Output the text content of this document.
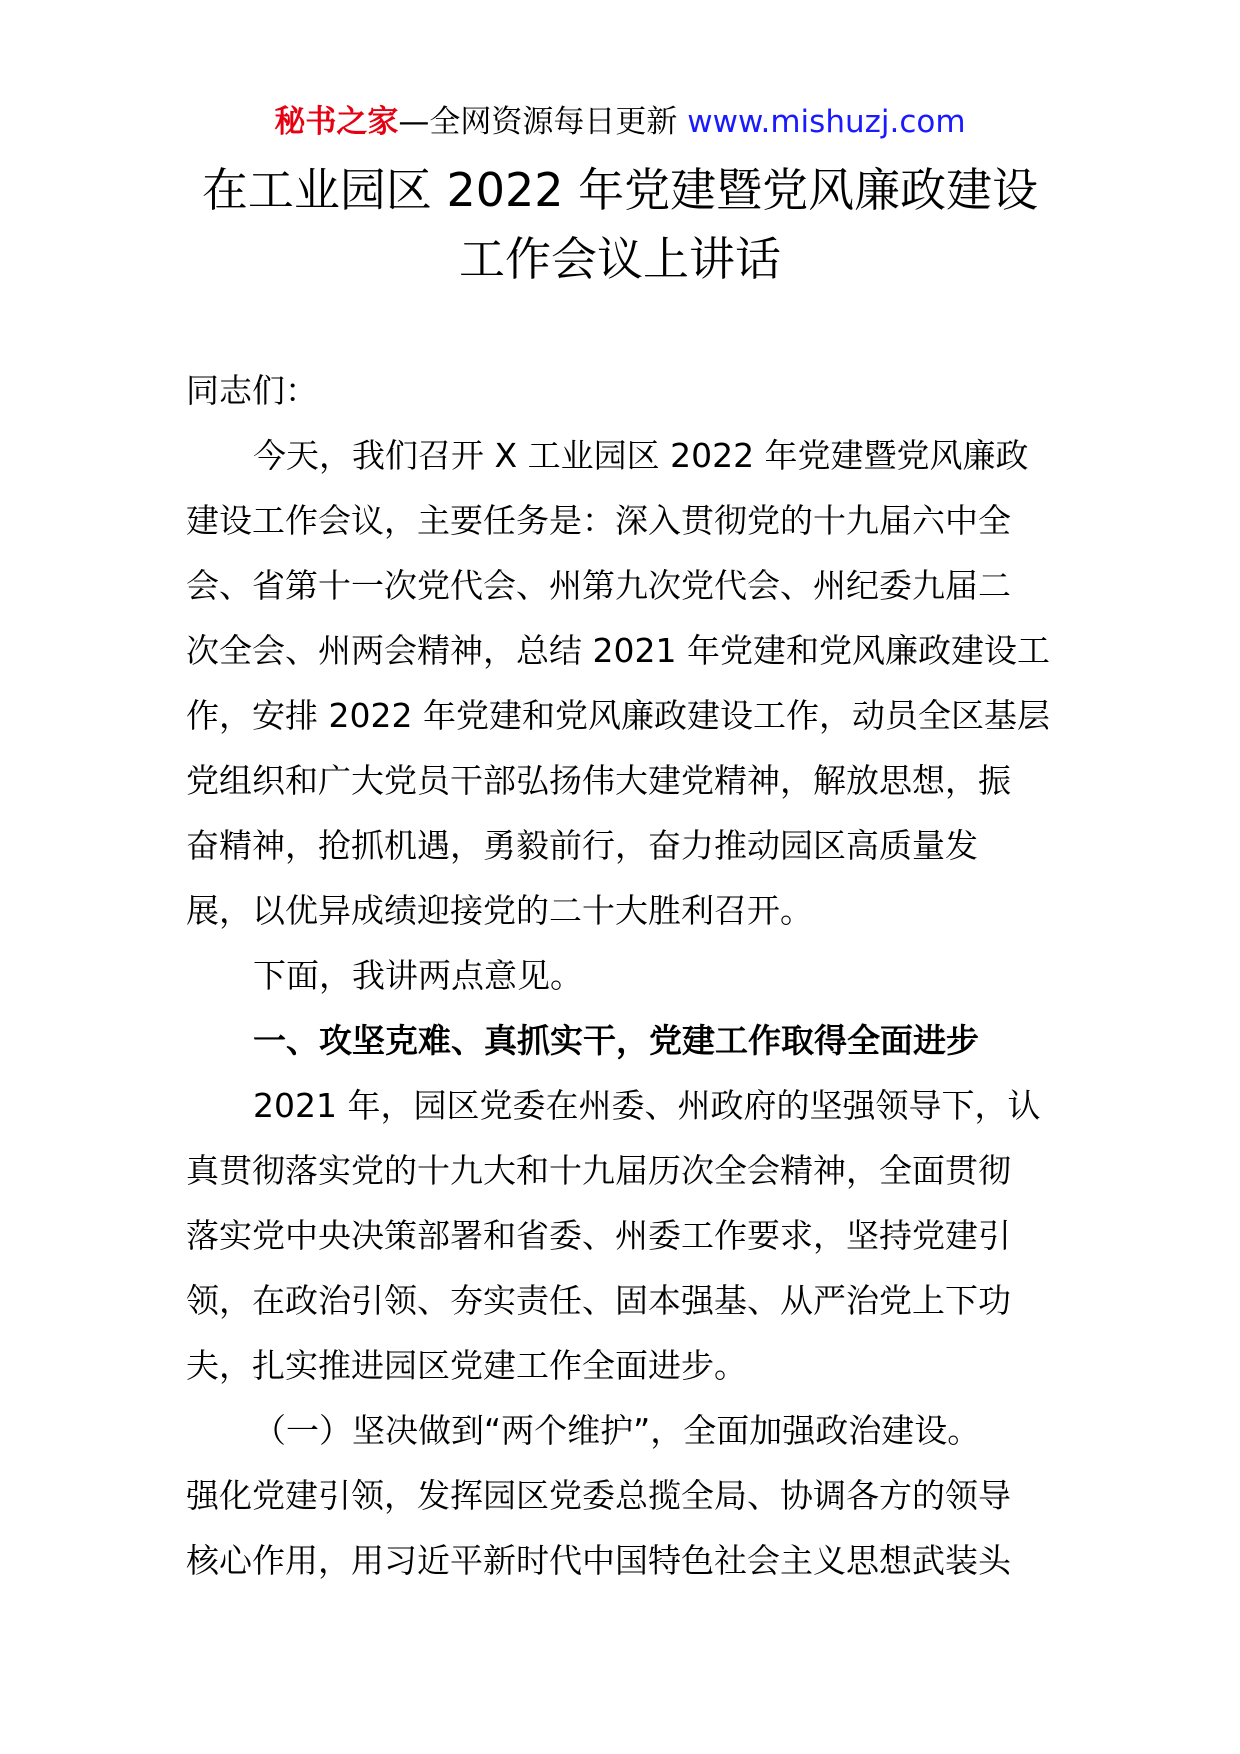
秘书之家—全网资源每日更新 www.mishuzj.com
在工业园区 2022 年党建暨党风廉政建设
工作会议上讲话
同志们：
今天，我们召开 X 工业园区 2022 年党建暨党风廉政
建设工作会议，主要任务是：深入贯彻党的十九届六中全
会、省第十一次党代会、州第九次党代会、州纪委九届二
次全会、州两会精神，总结 2021 年党建和党风廉政建设工
作，安排 2022 年党建和党风廉政建设工作，动员全区基层
党组织和广大党员干部弘扬伟大建党精神，解放思想，振
奋精神，抢抓机遇，勇毅前行，奋力推动园区高质量发
展，以优异成绩迎接党的二十大胜利召开。
下面，我讲两点意见。
一、攻坚克难、真抓实干，党建工作取得全面进步
2021 年，园区党委在州委、州政府的坚强领导下，认
真贯彻落实党的十九大和十九届历次全会精神，全面贯彻
落实党中央决策部署和省委、州委工作要求，坚持党建引
领，在政治引领、夯实责任、固本强基、从严治党上下功
夫，扎实推进园区党建工作全面进步。
（一）坚决做到“两个维护”，全面加强政治建设。
强化党建引领，发挥园区党委总揽全局、协调各方的领导
核心作用，用习近平新时代中国特色社会主义思想武装头
